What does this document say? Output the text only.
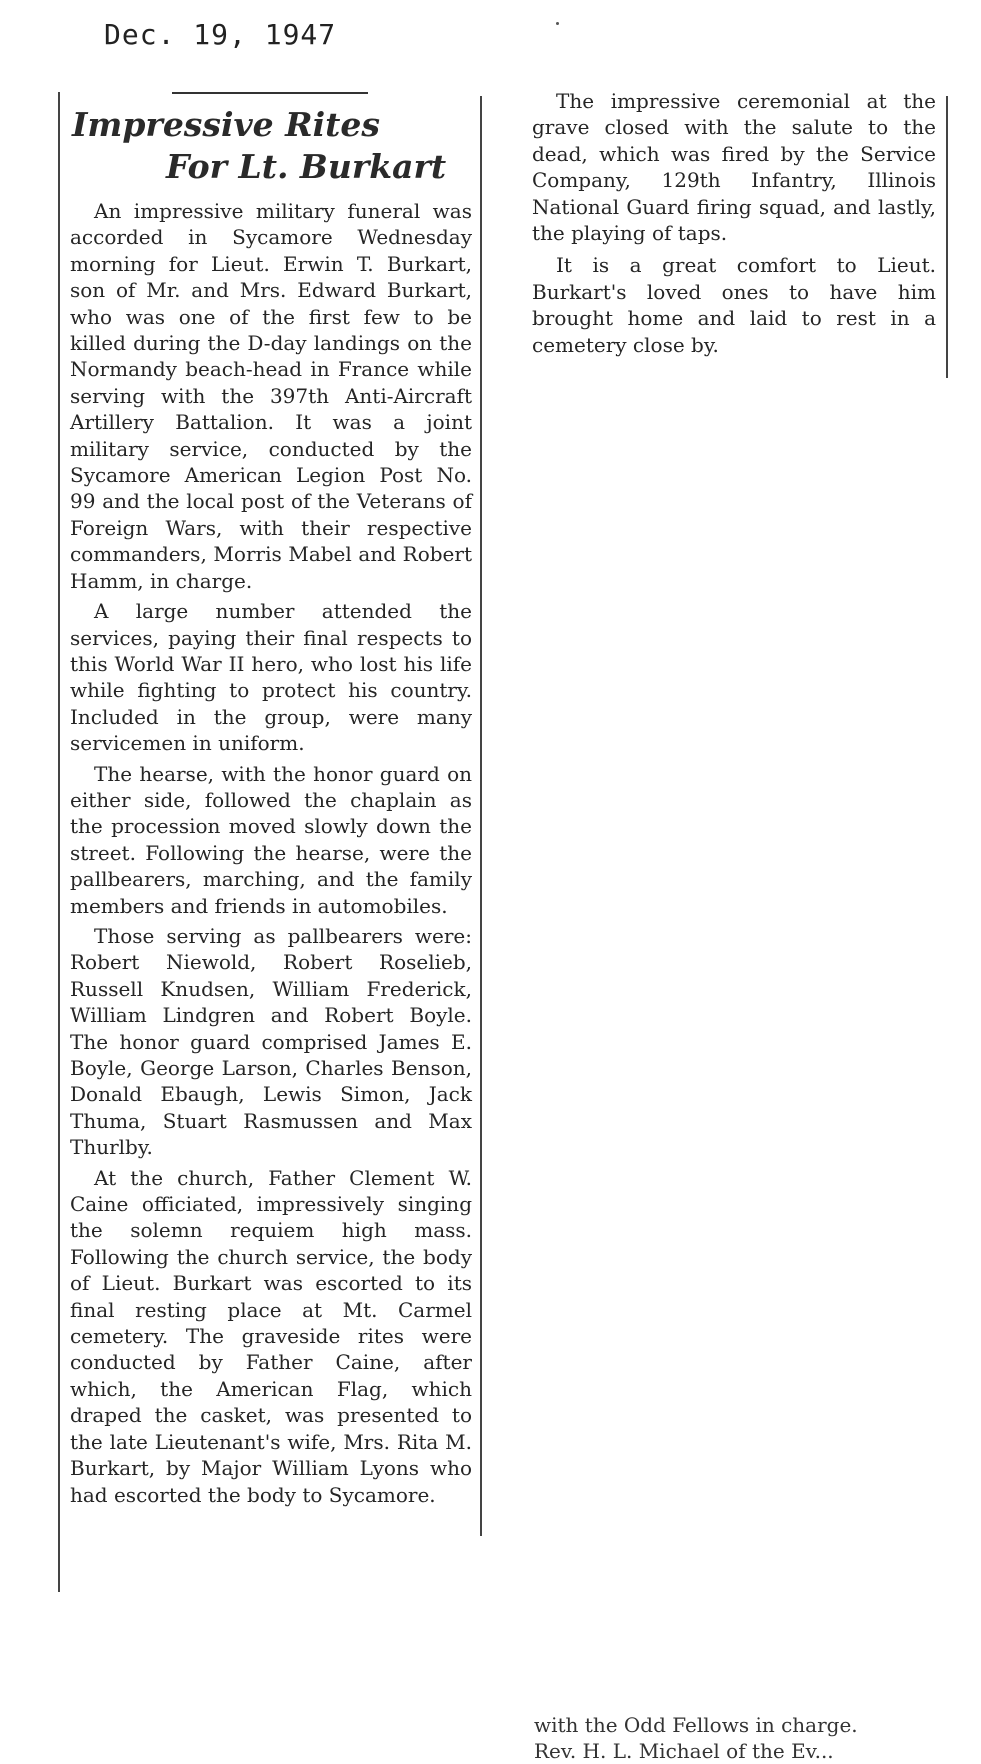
Dec. 19, 1947
Impressive Rites
For Lt. Burkart

An impressive military funeral was accorded in Sycamore Wednesday morning for Lieut. Erwin T. Burkart, son of Mr. and Mrs. Edward Burkart, who was one of the first few to be killed during the D-day landings on the Normandy beach-head in France while serving with the 397th Anti-Aircraft Artillery Battalion. It was a joint military service, conducted by the Sycamore American Legion Post No. 99 and the local post of the Veterans of Foreign Wars, with their respective commanders, Morris Mabel and Robert Hamm, in charge.

A large number attended the services, paying their final respects to this World War II hero, who lost his life while fighting to protect his country. Included in the group, were many servicemen in uniform.

The hearse, with the honor guard on either side, followed the chaplain as the procession moved slowly down the street. Following the hearse, were the pallbearers, marching, and the family members and friends in automobiles.

Those serving as pallbearers were: Robert Niewold, Robert Roselieb, Russell Knudsen, William Frederick, William Lindgren and Robert Boyle. The honor guard comprised James E. Boyle, George Larson, Charles Benson, Donald Ebaugh, Lewis Simon, Jack Thuma, Stuart Rasmussen and Max Thurlby.

At the church, Father Clement W. Caine officiated, impressively singing the solemn requiem high mass. Following the church service, the body of Lieut. Burkart was escorted to its final resting place at Mt. Carmel cemetery. The graveside rites were conducted by Father Caine, after which, the American Flag, which draped the casket, was presented to the late Lieutenant's wife, Mrs. Rita M. Burkart, by Major William Lyons who had escorted the body to Sycamore.

The impressive ceremonial at the grave closed with the salute to the dead, which was fired by the Service Company, 129th Infantry, Illinois National Guard firing squad, and lastly, the playing of taps.

It is a great comfort to Lieut. Burkart's loved ones to have him brought home and laid to rest in a cemetery close by.

with the Odd Fellows in charge.
Rev. H. L. Michael of the Ev...
